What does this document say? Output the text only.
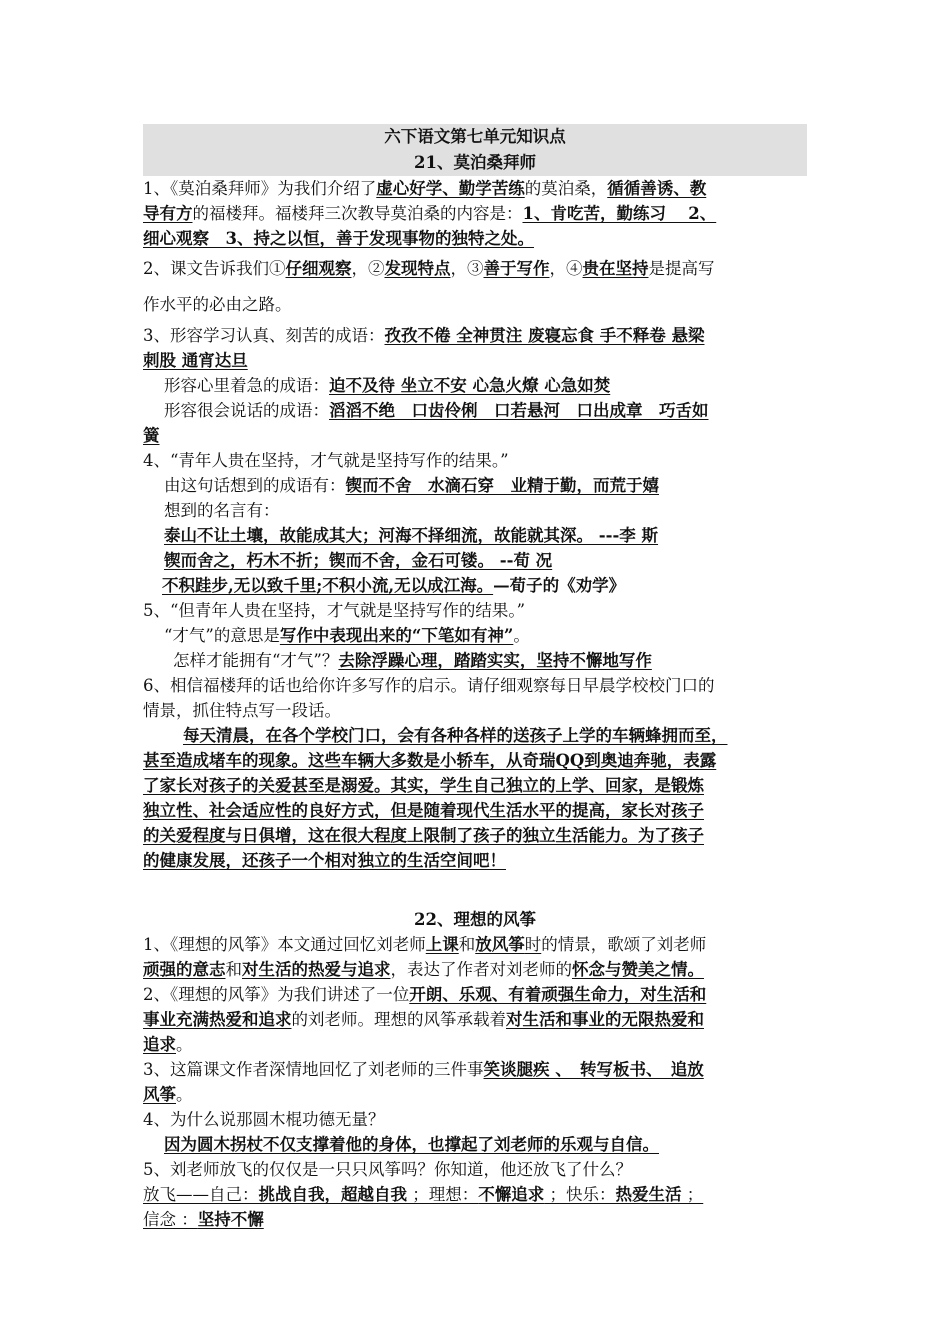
六下语文第七单元知识点
21、莫泊桑拜师
1、《莫泊桑拜师》为我们介绍了虚心好学、勤学苦练的莫泊桑，循循善诱、教
导有方的福楼拜。福楼拜三次教导莫泊桑的内容是：1、肯吃苦，勤练习　 2、
细心观察　3、持之以恒，善于发现事物的独特之处。
2、课文告诉我们①仔细观察，②发现特点，③善于写作，④贵在坚持是提高写
作水平的必由之路。
3、形容学习认真、刻苦的成语：孜孜不倦 全神贯注 废寝忘食 手不释卷 悬梁
刺股 通宵达旦
形容心里着急的成语：迫不及待 坐立不安 心急火燎 心急如焚
形容很会说话的成语：滔滔不绝　口齿伶俐　口若悬河　口出成章　巧舌如
簧
4、“青年人贵在坚持，才气就是坚持写作的结果。”
由这句话想到的成语有：锲而不舍　水滴石穿　业精于勤，而荒于嬉
想到的名言有：
泰山不让土壤，故能成其大；河海不择细流，故能就其深。 ---李 斯
锲而舍之，朽木不折；锲而不舍，金石可镂。 --荀 况
不积跬步,无以致千里;不积小流,无以成江海。—荀子的《劝学》
5、“但青年人贵在坚持，才气就是坚持写作的结果。”
“才气”的意思是写作中表现出来的“下笔如有神”。
怎样才能拥有“才气”？去除浮躁心理，踏踏实实，坚持不懈地写作
6、相信福楼拜的话也给你许多写作的启示。请仔细观察每日早晨学校校门口的
情景，抓住特点写一段话。
每天清晨，在各个学校门口，会有各种各样的送孩子上学的车辆蜂拥而至，
甚至造成堵车的现象。这些车辆大多数是小轿车，从奇瑞QQ到奥迪奔驰，表露
了家长对孩子的关爱甚至是溺爱。其实，学生自己独立的上学、回家，是锻炼
独立性、社会适应性的良好方式，但是随着现代生活水平的提高，家长对孩子
的关爱程度与日俱增，这在很大程度上限制了孩子的独立生活能力。为了孩子
的健康发展，还孩子一个相对独立的生活空间吧！
22、理想的风筝
1、《理想的风筝》本文通过回忆刘老师上课和放风筝时的情景，歌颂了刘老师
顽强的意志和对生活的热爱与追求，表达了作者对刘老师的怀念与赞美之情。
2、《理想的风筝》为我们讲述了一位开朗、乐观、有着顽强生命力，对生活和
事业充满热爱和追求的刘老师。理想的风筝承载着对生活和事业的无限热爱和
追求。
3、这篇课文作者深情地回忆了刘老师的三件事笑谈腿疾 、　转写板书、　追放
风筝。
4、为什么说那圆木棍功德无量？
因为圆木拐杖不仅支撑着他的身体，也撑起了刘老师的乐观与自信。
5、刘老师放飞的仅仅是一只只风筝吗？你知道，他还放飞了什么？
放飞——自己：挑战自我，超越自我 ；理想：不懈追求 ；快乐：热爱生活 ；
信念 ：坚持不懈
